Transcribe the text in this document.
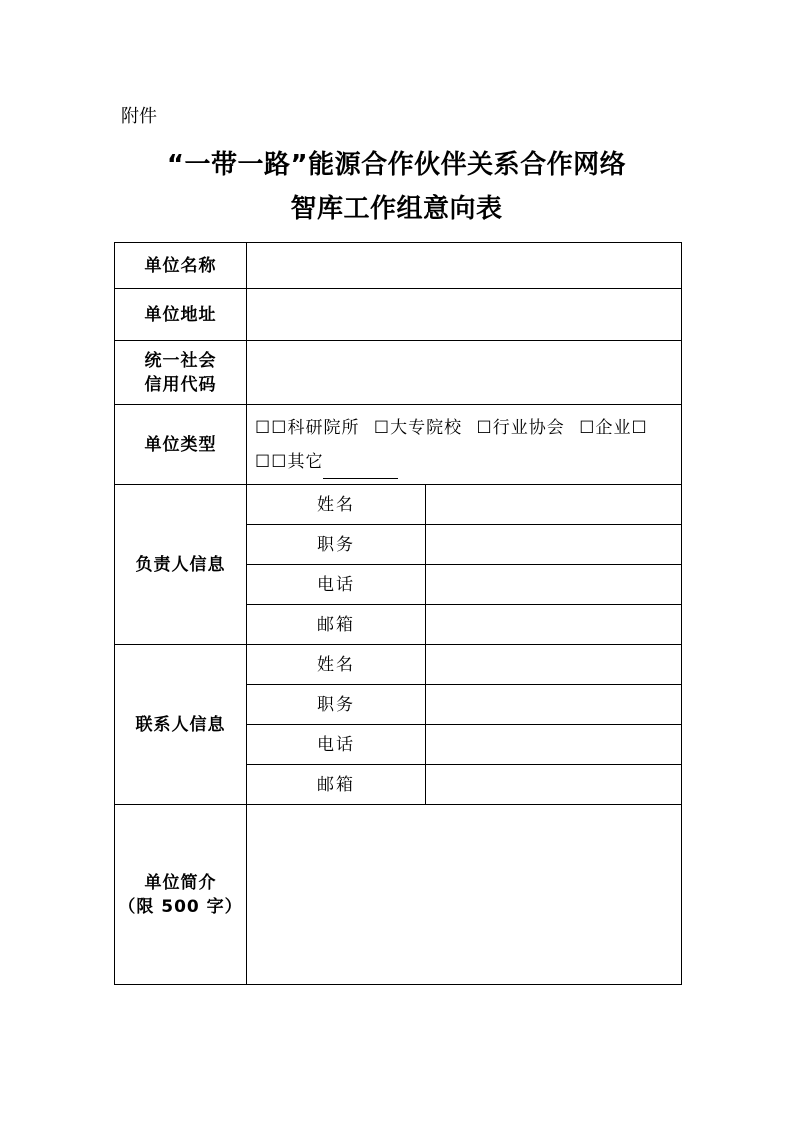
附件
“一带一路”能源合作伙伴关系合作网络
智库工作组意向表
单位名称		
单位地址		

统一社会
信用代码		

单位类型	☐☐科研院所 ☐大专院校 ☐行业协会 ☐企业☐
☐☐其它	

负责人信息	姓名	
	职务	
	电话	
	邮箱	
联系人信息	姓名	
	职务	
	电话	
	邮箱	

单位简介
（限 500 字）		
